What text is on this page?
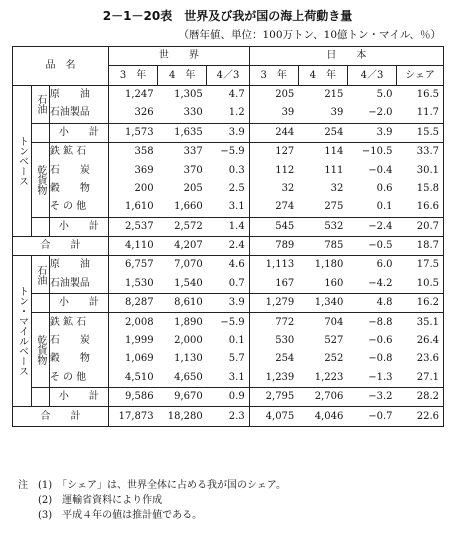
2－1－20表　世界及び我が国の海上荷動き量
（暦年値、単位：100万トン、10億トン・マイル、％）
品　名			世　　界			日　　本			
			3　年	4　年	4／3	3　年	4　年	4／3	シェア

トンベース	石油	原　　油	1,247	1,305	4.7	205	215	5.0	16.5
		石油製品	326	330	1.2	39	39	−2.0	11.7
		小　　計	1,573	1,635	3.9	244	254	3.9	15.5

	乾貨物	鉄 鉱 石	358	337	−5.9	127	114	−10.5	33.7
		石　　炭	369	370	0.3	112	111	−0.4	30.1
		穀　　物	200	205	2.5	32	32	0.6	15.8
		そ の 他	1,610	1,660	3.1	274	275	0.1	16.6
		小　　計	2,537	2,572	1.4	545	532	−2.4	20.7
合　　計			4,110	4,207	2.4	789	785	−0.5	18.7

トン・マイルベース	石油	原　　油	6,757	7,070	4.6	1,113	1,180	6.0	17.5
		石油製品	1,530	1,540	0.7	167	160	−4.2	10.5
		小　　計	8,287	8,610	3.9	1,279	1,340	4.8	16.2

	乾貨物	鉄 鉱 石	2,008	1,890	−5.9	772	704	−8.8	35.1
		石　　炭	1,999	2,000	0.1	530	527	−0.6	26.4
		穀　　物	1,069	1,130	5.7	254	252	−0.8	23.6
		そ の 他	4,510	4,650	3.1	1,239	1,223	−1.3	27.1
		小　　計	9,586	9,670	0.9	2,795	2,706	−3.2	28.2
合　　計			17,873	18,280	2.3	4,075	4,046	−0.7	22.6
注　(1)　「シェア」は、世界全体に占める我が国のシェア。
　　(2)　運輸省資料により作成
　　(3)　平成４年の値は推計値である。
